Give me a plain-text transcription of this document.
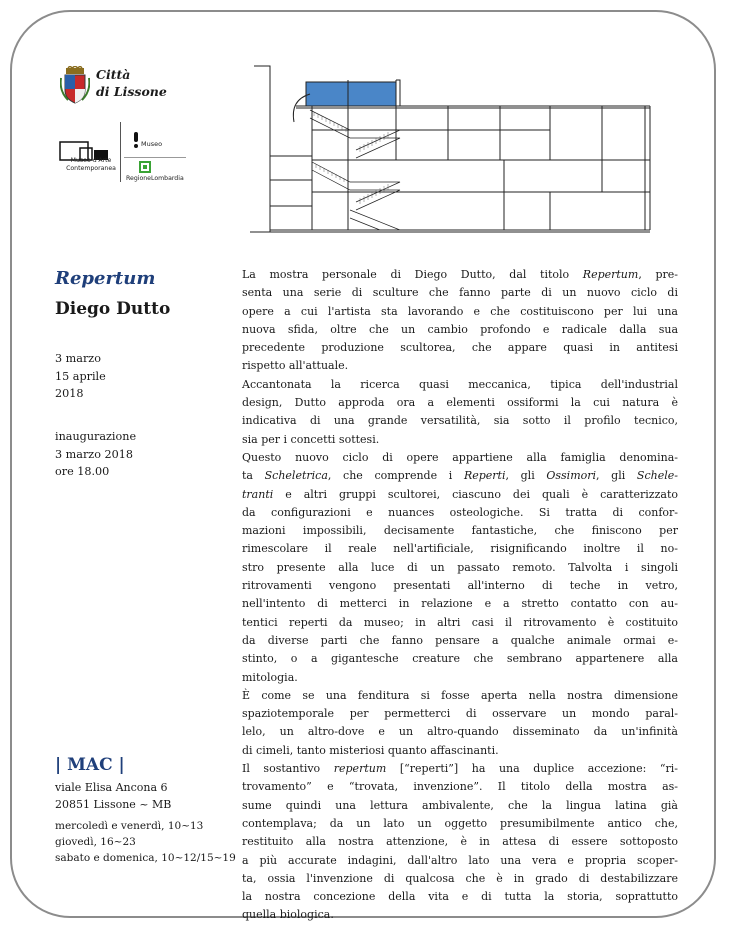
Città
di Lissone
Museo d'Arte
Contemporanea
Museo
RegioneLombardia
Repertum
Diego Dutto
3 marzo
15 aprile
2018
inaugurazione
3 marzo 2018
ore 18.00
| MAC |
viale Elisa Ancona 6
20851 Lissone ~ MB
mercoledì e venerdì, 10~13
giovedì, 16~23
sabato e domenica, 10~12/15~19

La mostra personale di Diego Dutto, dal titolo Repertum, pre-
senta una serie di sculture che fanno parte di un nuovo ciclo di
opere a cui l'artista sta lavorando e che costituiscono per lui una
nuova sfida, oltre che un cambio profondo e radicale dalla sua
precedente produzione scultorea, che appare quasi in antitesi
rispetto all'attuale.

Accantonata la ricerca quasi meccanica, tipica dell'industrial
design, Dutto approda ora a elementi ossiformi la cui natura è
indicativa di una grande versatilità, sia sotto il profilo tecnico,
sia per i concetti sottesi.

Questo nuovo ciclo di opere appartiene alla famiglia denomina-
ta Scheletrica, che comprende i Reperti, gli Ossimori, gli Schele-
tranti e altri gruppi scultorei, ciascuno dei quali è caratterizzato
da configurazioni e nuances osteologiche. Si tratta di confor-
mazioni impossibili, decisamente fantastiche, che finiscono per
rimescolare il reale nell'artificiale, risignificando inoltre il no-
stro presente alla luce di un passato remoto. Talvolta i singoli
ritrovamenti vengono presentati all'interno di teche in vetro,
nell'intento di metterci in relazione e a stretto contatto con au-
tentici reperti da museo; in altri casi il ritrovamento è costituito
da diverse parti che fanno pensare a qualche animale ormai e-
stinto, o a gigantesche creature che sembrano appartenere alla
mitologia.

È come se una fenditura si fosse aperta nella nostra dimensione
spaziotemporale per permetterci di osservare un mondo paral-
lelo, un altro-dove e un altro-quando disseminato da un'infinità
di cimeli, tanto misteriosi quanto affascinanti.

Il sostantivo repertum [“reperti”] ha una duplice accezione: “ri-
trovamento” e “trovata, invenzione”. Il titolo della mostra as-
sume quindi una lettura ambivalente, che la lingua latina già
contemplava; da un lato un oggetto presumibilmente antico che,
restituito alla nostra attenzione, è in attesa di essere sottoposto
a più accurate indagini, dall'altro lato una vera e propria scoper-
ta, ossia l'invenzione di qualcosa che è in grado di destabilizzare
la nostra concezione della vita e di tutta la storia, soprattutto
quella biologica.
